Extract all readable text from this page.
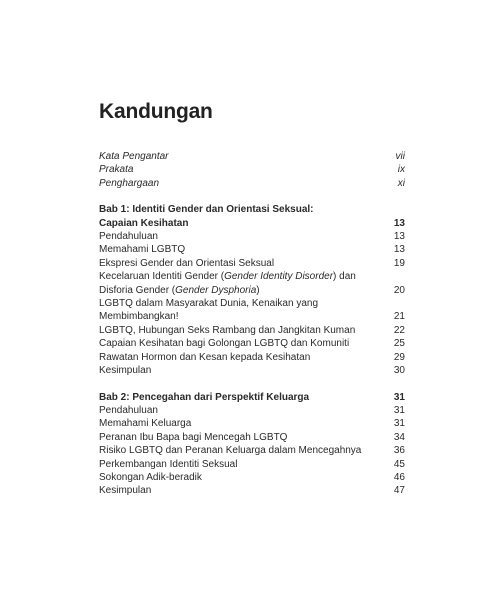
Kandungan
Kata Pengantar	vii
Prakata	ix
Penghargaan	xi
Bab 1: Identiti Gender dan Orientasi Seksual:
Capaian Kesihatan	13
Pendahuluan	13
Memahami LGBTQ	13
Ekspresi Gender dan Orientasi Seksual	19
Kecelaruan Identiti Gender (Gender Identity Disorder) dan
Disforia Gender (Gender Dysphoria)	20
LGBTQ dalam Masyarakat Dunia, Kenaikan yang
Membimbangkan!	21
LGBTQ, Hubungan Seks Rambang dan Jangkitan Kuman	22
Capaian Kesihatan bagi Golongan LGBTQ dan Komuniti	25
Rawatan Hormon dan Kesan kepada Kesihatan	29
Kesimpulan	30
Bab 2: Pencegahan dari Perspektif Keluarga	31
Pendahuluan	31
Memahami Keluarga	31
Peranan Ibu Bapa bagi Mencegah LGBTQ	34
Risiko LGBTQ dan Peranan Keluarga dalam Mencegahnya	36
Perkembangan Identiti Seksual	45
Sokongan Adik-beradik	46
Kesimpulan	47
